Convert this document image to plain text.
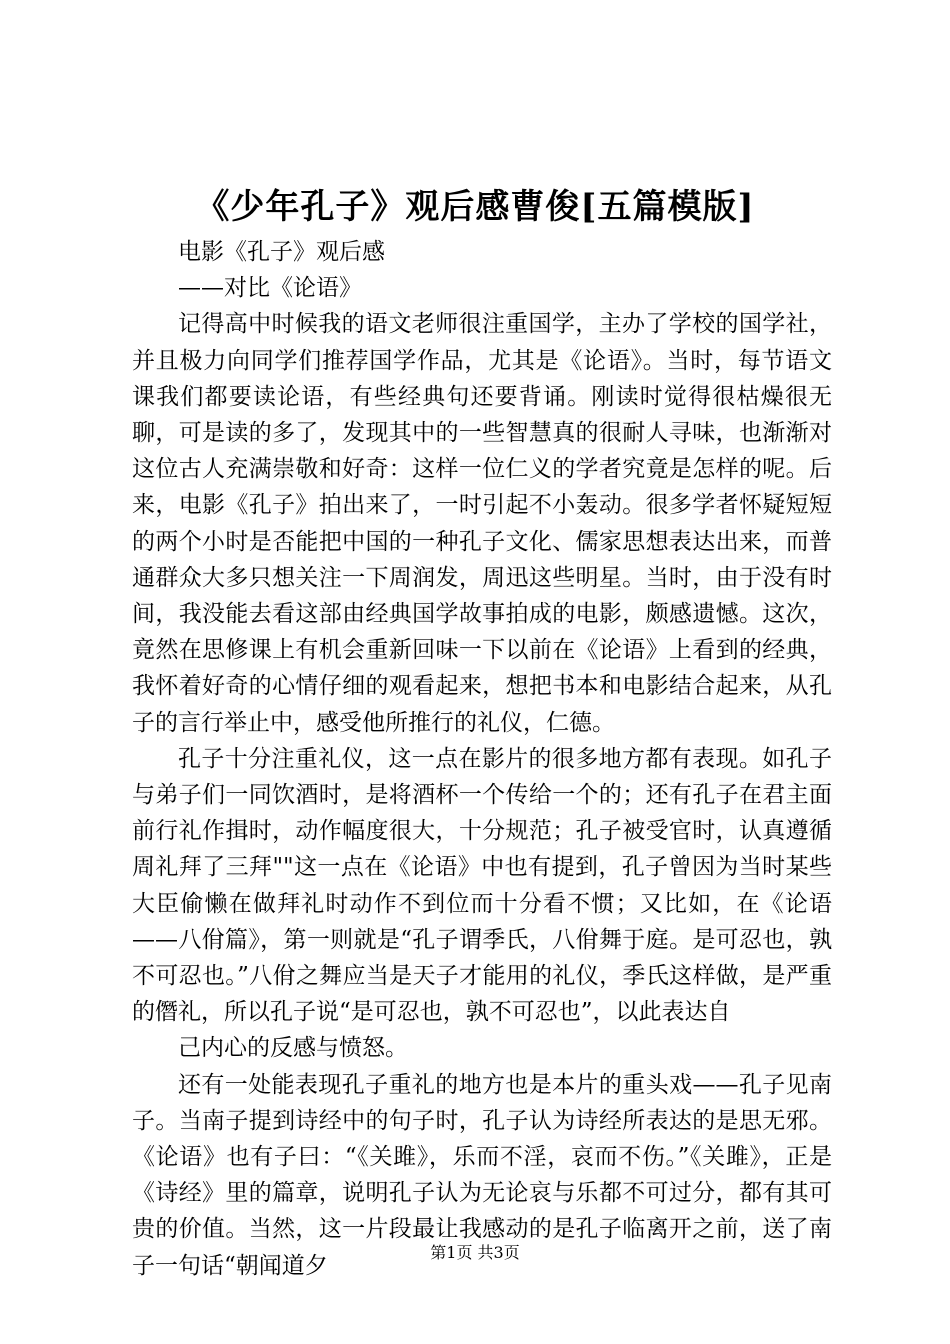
《少年孔子》观后感曹俊[五篇模版]

电影《孔子》观后感

——对比《论语》

记得高中时候我的语文老师很注重国学，主办了学校的国学社，并且极力向同学们推荐国学作品，尤其是《论语》。当时，每节语文课我们都要读论语，有些经典句还要背诵。刚读时觉得很枯燥很无聊，可是读的多了，发现其中的一些智慧真的很耐人寻味，也渐渐对这位古人充满崇敬和好奇：这样一位仁义的学者究竟是怎样的呢。后来，电影《孔子》拍出来了，一时引起不小轰动。很多学者怀疑短短的两个小时是否能把中国的一种孔子文化、儒家思想表达出来，而普通群众大多只想关注一下周润发，周迅这些明星。当时，由于没有时间，我没能去看这部由经典国学故事拍成的电影，颇感遗憾。这次，竟然在思修课上有机会重新回味一下以前在《论语》上看到的经典，我怀着好奇的心情仔细的观看起来，想把书本和电影结合起来，从孔子的言行举止中，感受他所推行的礼仪，仁德。

孔子十分注重礼仪，这一点在影片的很多地方都有表现。如孔子与弟子们一同饮酒时，是将酒杯一个传给一个的；还有孔子在君主面前行礼作揖时，动作幅度很大，十分规范；孔子被受官时，认真遵循周礼拜了三拜""这一点在《论语》中也有提到，孔子曾因为当时某些大臣偷懒在做拜礼时动作不到位而十分看不惯；又比如，在《论语——八佾篇》，第一则就是“孔子谓季氏，八佾舞于庭。是可忍也，孰不可忍也。”八佾之舞应当是天子才能用的礼仪，季氏这样做，是严重的僭礼，所以孔子说“是可忍也，孰不可忍也”，以此表达自

己内心的反感与愤怒。

还有一处能表现孔子重礼的地方也是本片的重头戏——孔子见南子。当南子提到诗经中的句子时，孔子认为诗经所表达的是思无邪。《论语》也有子曰：“《关雎》，乐而不淫，哀而不伤。”《关雎》，正是《诗经》里的篇章，说明孔子认为无论哀与乐都不可过分，都有其可贵的价值。当然，这一片段最让我感动的是孔子临离开之前，送了南子一句话“朝闻道夕

第1页 共3页
